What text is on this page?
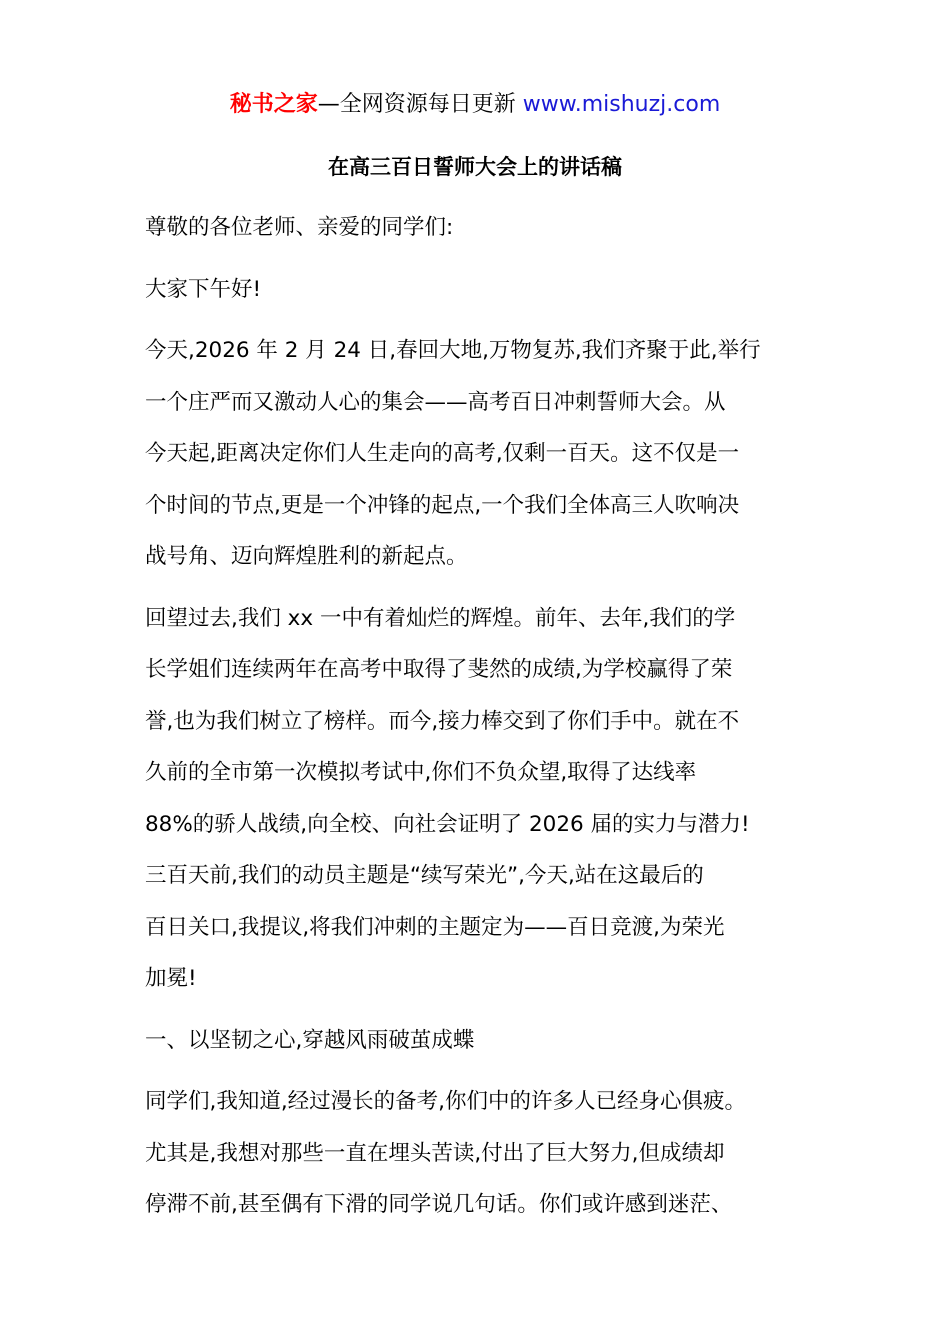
秘书之家—全网资源每日更新 www.mishuzj.com
在高三百日誓师大会上的讲话稿

尊敬的各位老师、亲爱的同学们:

大家下午好!

今天,2026 年 2 月 24 日,春回大地,万物复苏,我们齐聚于此,举行
一个庄严而又激动人心的集会——高考百日冲刺誓师大会。从
今天起,距离决定你们人生走向的高考,仅剩一百天。这不仅是一
个时间的节点,更是一个冲锋的起点,一个我们全体高三人吹响决
战号角、迈向辉煌胜利的新起点。

回望过去,我们 xx 一中有着灿烂的辉煌。前年、去年,我们的学
长学姐们连续两年在高考中取得了斐然的成绩,为学校赢得了荣
誉,也为我们树立了榜样。而今,接力棒交到了你们手中。就在不
久前的全市第一次模拟考试中,你们不负众望,取得了达线率
88%的骄人战绩,向全校、向社会证明了 2026 届的实力与潜力!
三百天前,我们的动员主题是“续写荣光”,今天,站在这最后的
百日关口,我提议,将我们冲刺的主题定为——百日竞渡,为荣光
加冕!

一、以坚韧之心,穿越风雨破茧成蝶

同学们,我知道,经过漫长的备考,你们中的许多人已经身心俱疲。
尤其是,我想对那些一直在埋头苦读,付出了巨大努力,但成绩却
停滞不前,甚至偶有下滑的同学说几句话。你们或许感到迷茫、
